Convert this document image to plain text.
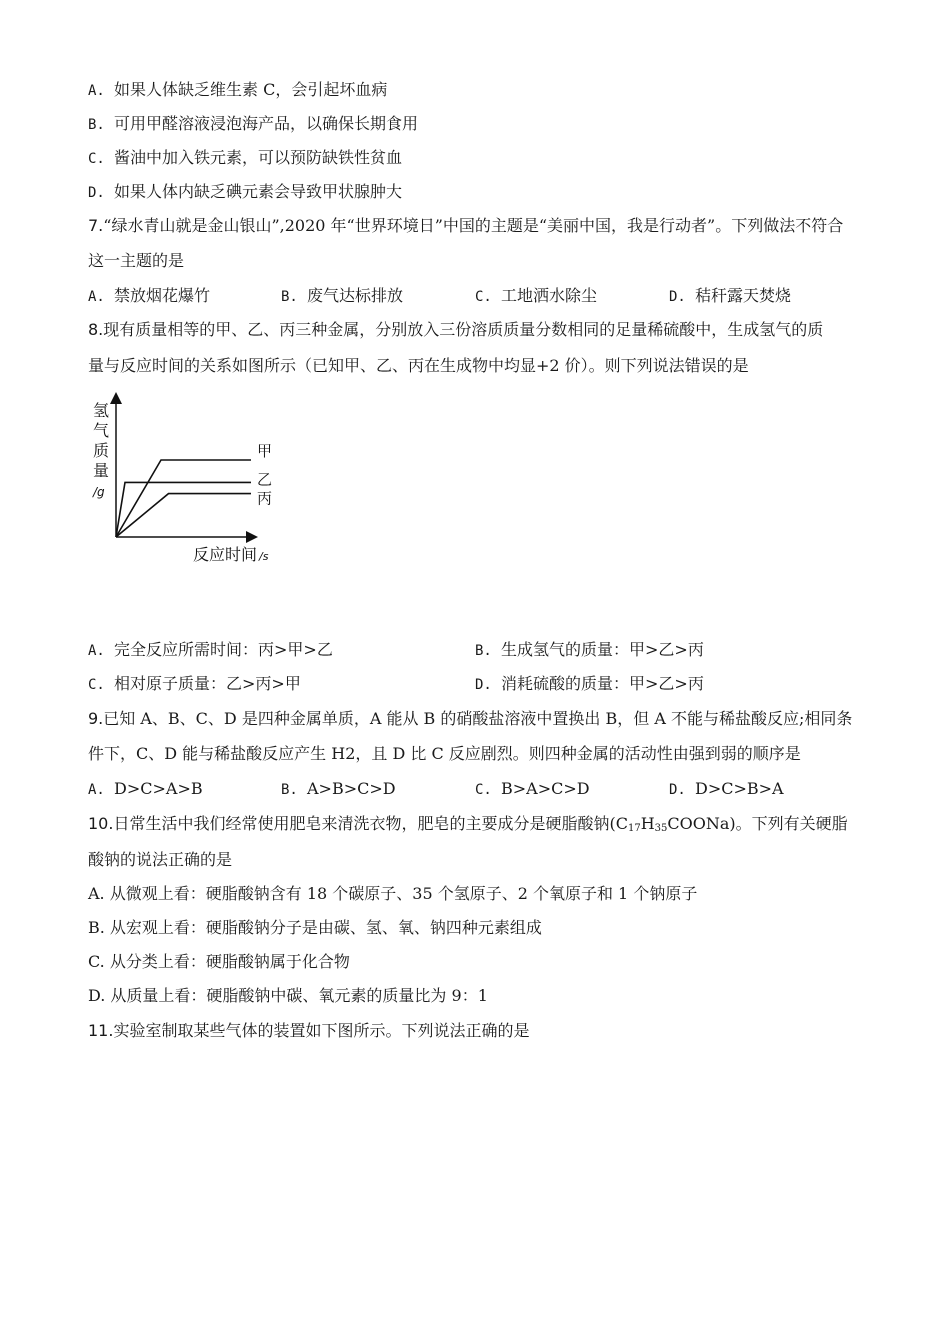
A. 如果人体缺乏维生素 C，会引起坏血病
B. 可用甲醛溶液浸泡海产品，以确保长期食用
C. 酱油中加入铁元素，可以预防缺铁性贫血
D. 如果人体内缺乏碘元素会导致甲状腺肿大
7.“绿水青山就是金山银山”,2020 年“世界环境日”中国的主题是“美丽中国，我是行动者”。下列做法不符合
这一主题的是
A. 禁放烟花爆竹	B. 废气达标排放	C. 工地洒水除尘	D. 秸秆露天焚烧
8.现有质量相等的甲、乙、丙三种金属，分别放入三份溶质质量分数相同的足量稀硫酸中，生成氢气的质
量与反应时间的关系如图所示（已知甲、乙、丙在生成物中均显+2 价）。则下列说法错误的是
氢
气
质
量
/g
反应时间 /s
甲
乙
丙
A. 完全反应所需时间：丙>甲>乙	B. 生成氢气的质量：甲>乙>丙
C. 相对原子质量：乙>丙>甲	D. 消耗硫酸的质量：甲>乙>丙
9.已知 A、B、C、D 是四种金属单质，A 能从 B 的硝酸盐溶液中置换出 B，但 A 不能与稀盐酸反应;相同条
件下，C、D 能与稀盐酸反应产生 H2，且 D 比 C 反应剧烈。则四种金属的活动性由强到弱的顺序是
A. D>C>A>B	B. A>B>C>D	C. B>A>C>D	D. D>C>B>A
10.日常生活中我们经常使用肥皂来清洗衣物，肥皂的主要成分是硬脂酸钠$(C_{17}H_{35}COONa)$。下列有关硬脂
酸钠的说法正确的是
A. 从微观上看：硬脂酸钠含有 18 个碳原子、35 个氢原子、2 个氧原子和 1 个钠原子
B. 从宏观上看：硬脂酸钠分子是由碳、氢、氧、钠四种元素组成
C. 从分类上看：硬脂酸钠属于化合物
D. 从质量上看：硬脂酸钠中碳、氧元素的质量比为 9：1
11.实验室制取某些气体的装置如下图所示。下列说法正确的是
